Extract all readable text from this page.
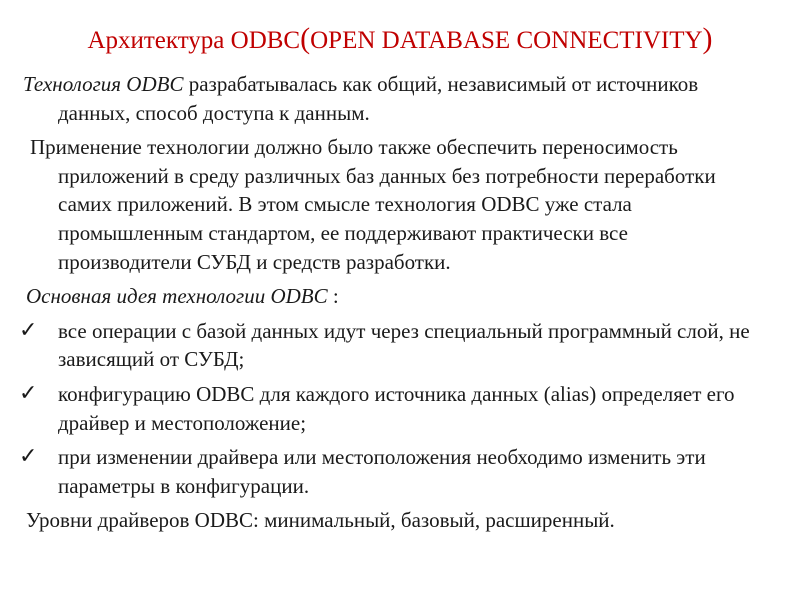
Архитектура ODBC(OPEN DATABASE CONNECTIVITY)

Технология ODBC разрабатывалась как общий, независимый от источников данных, способ доступа к данным.

Применение технологии должно было также обеспечить переносимость приложений в среду различных баз данных без потребности переработки самих приложений. В этом смысле технология ODBC уже стала промышленным стандартом, ее поддерживают практически все производители СУБД и средств разработки.

Основная идея технологии ODBC :

✓ все операции с базой данных идут через специальный программный слой, не зависящий от СУБД;
✓ конфигурацию ODBC для каждого источника данных (alias) определяет его драйвер и местоположение;
✓ при изменении драйвера или местоположения необходимо изменить эти параметры в конфигурации.

Уровни драйверов ODBC: минимальный, базовый, расширенный.
